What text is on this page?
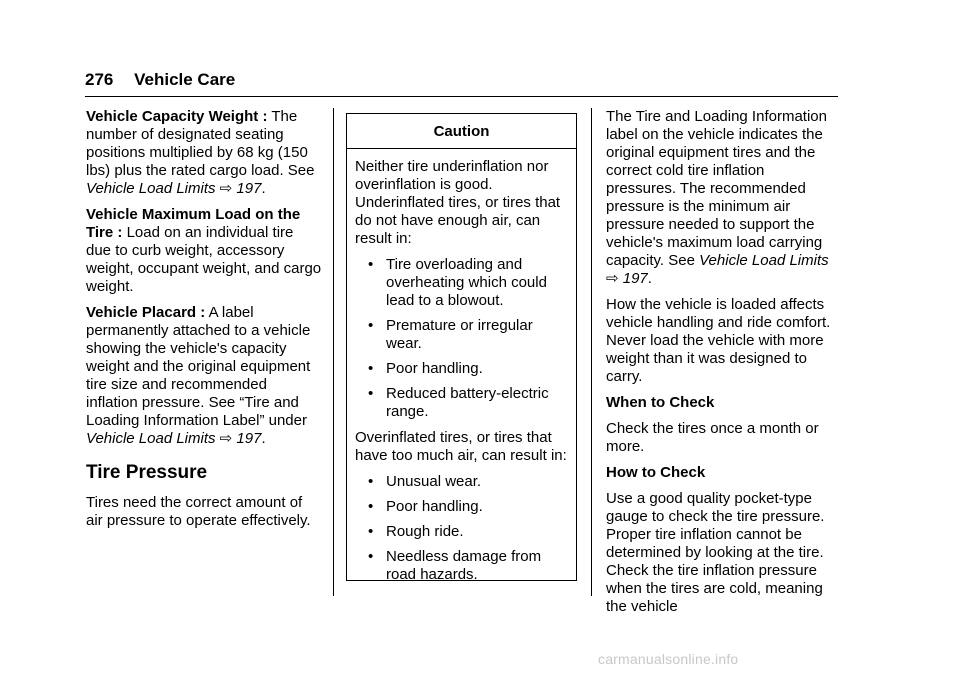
276 Vehicle Care

Vehicle Capacity Weight : The number of designated seating positions multiplied by 68 kg (150 lbs) plus the rated cargo load. See Vehicle Load Limits ⇨ 197.

Vehicle Maximum Load on the Tire : Load on an individual tire due to curb weight, accessory weight, occupant weight, and cargo weight.

Vehicle Placard : A label permanently attached to a vehicle showing the vehicle's capacity weight and the original equipment tire size and recommended inflation pressure. See “Tire and Loading Information Label” under Vehicle Load Limits ⇨ 197.

Tire Pressure

Tires need the correct amount of air pressure to operate effectively.

Caution

Neither tire underinflation nor overinflation is good. Underinflated tires, or tires that do not have enough air, can result in:

• Tire overloading and overheating which could lead to a blowout.
• Premature or irregular wear.
• Poor handling.
• Reduced battery-electric range.

Overinflated tires, or tires that have too much air, can result in:

• Unusual wear.
• Poor handling.
• Rough ride.
• Needless damage from road hazards.

The Tire and Loading Information label on the vehicle indicates the original equipment tires and the correct cold tire inflation pressures. The recommended pressure is the minimum air pressure needed to support the vehicle's maximum load carrying capacity. See Vehicle Load Limits ⇨ 197.

How the vehicle is loaded affects vehicle handling and ride comfort. Never load the vehicle with more weight than it was designed to carry.

When to Check

Check the tires once a month or more.

How to Check

Use a good quality pocket-type gauge to check the tire pressure. Proper tire inflation cannot be determined by looking at the tire. Check the tire inflation pressure when the tires are cold, meaning the vehicle

carmanualsonline.info
